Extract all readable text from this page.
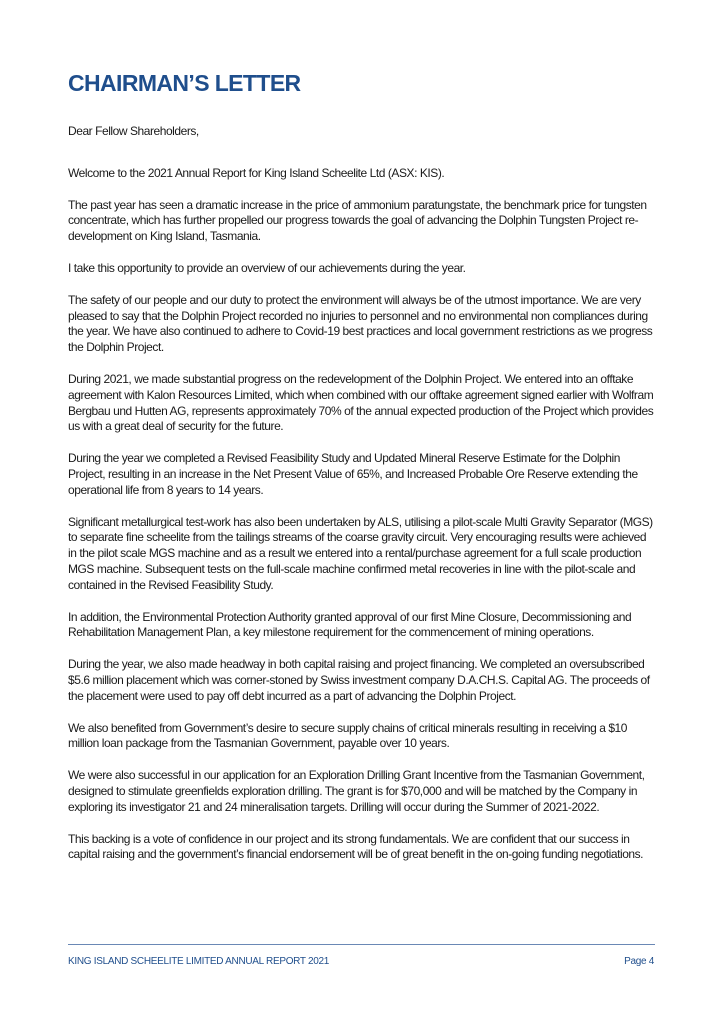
CHAIRMAN’S LETTER

Dear Fellow Shareholders,

Welcome to the 2021 Annual Report for King Island Scheelite Ltd (ASX: KIS).

The past year has seen a dramatic increase in the price of ammonium paratungstate, the benchmark price for tungsten
concentrate, which has further propelled our progress towards the goal of advancing the Dolphin Tungsten Project re-
development on King Island, Tasmania.

I take this opportunity to provide an overview of our achievements during the year.

The safety of our people and our duty to protect the environment will always be of the utmost importance. We are very
pleased to say that the Dolphin Project recorded no injuries to personnel and no environmental non compliances during
the year. We have also continued to adhere to Covid-19 best practices and local government restrictions as we progress
the Dolphin Project.

During 2021, we made substantial progress on the redevelopment of the Dolphin Project. We entered into an offtake
agreement with Kalon Resources Limited, which when combined with our offtake agreement signed earlier with Wolfram
Bergbau und Hutten AG, represents approximately 70% of the annual expected production of the Project which provides
us with a great deal of security for the future.

During the year we completed a Revised Feasibility Study and Updated Mineral Reserve Estimate for the Dolphin
Project, resulting in an increase in the Net Present Value of 65%, and Increased Probable Ore Reserve extending the
operational life from 8 years to 14 years.

Significant metallurgical test-work has also been undertaken by ALS, utilising a pilot-scale Multi Gravity Separator (MGS)
to separate fine scheelite from the tailings streams of the coarse gravity circuit. Very encouraging results were achieved
in the pilot scale MGS machine and as a result we entered into a rental/purchase agreement for a full scale production
MGS machine. Subsequent tests on the full-scale machine confirmed metal recoveries in line with the pilot-scale and
contained in the Revised Feasibility Study.

In addition, the Environmental Protection Authority granted approval of our first Mine Closure, Decommissioning and
Rehabilitation Management Plan, a key milestone requirement for the commencement of mining operations.

During the year, we also made headway in both capital raising and project financing. We completed an oversubscribed
$5.6 million placement which was corner-stoned by Swiss investment company D.A.CH.S. Capital AG. The proceeds of
the placement were used to pay off debt incurred as a part of advancing the Dolphin Project.

We also benefited from Government’s desire to secure supply chains of critical minerals resulting in receiving a $10
million loan package from the Tasmanian Government, payable over 10 years.

We were also successful in our application for an Exploration Drilling Grant Incentive from the Tasmanian Government,
designed to stimulate greenfields exploration drilling. The grant is for $70,000 and will be matched by the Company in
exploring its investigator 21 and 24 mineralisation targets. Drilling will occur during the Summer of 2021-2022.

This backing is a vote of confidence in our project and its strong fundamentals. We are confident that our success in
capital raising and the government’s financial endorsement will be of great benefit in the on-going funding negotiations.

KING ISLAND SCHEELITE LIMITED ANNUAL REPORT 2021	Page 4
